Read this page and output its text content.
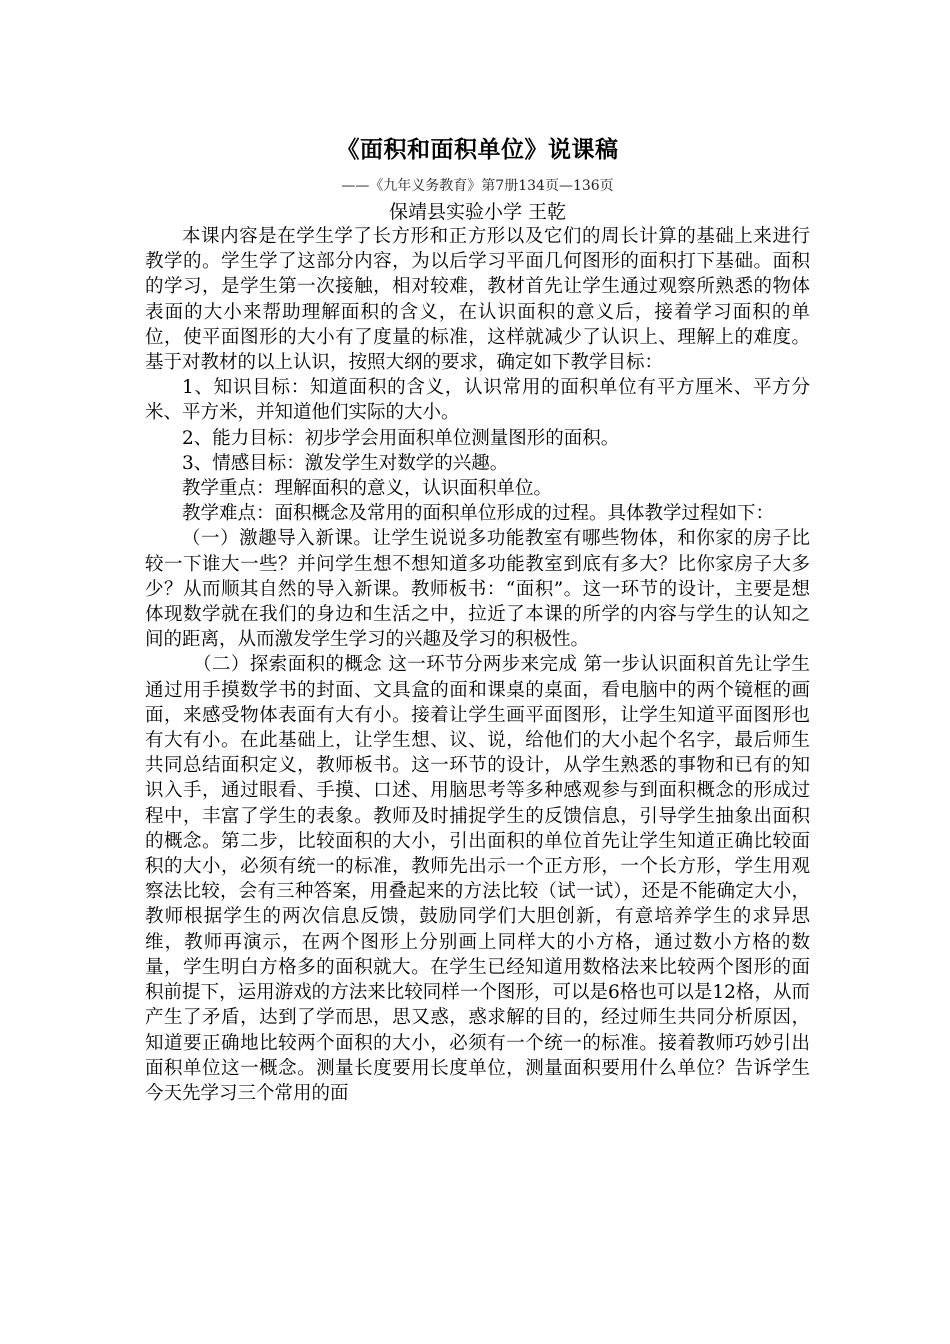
《面积和面积单位》说课稿
——《九年义务教育》第7册134页—136页
保靖县实验小学 王乾

本课内容是在学生学了长方形和正方形以及它们的周长计算的基础上来进行教学的。学生学了这部分内容，为以后学习平面几何图形的面积打下基础。面积的学习，是学生第一次接触，相对较难，教材首先让学生通过观察所熟悉的物体表面的大小来帮助理解面积的含义，在认识面积的意义后，接着学习面积的单位，使平面图形的大小有了度量的标准，这样就减少了认识上、理解上的难度。基于对教材的以上认识，按照大纲的要求，确定如下教学目标：

1、知识目标：知道面积的含义，认识常用的面积单位有平方厘米、平方分米、平方米，并知道他们实际的大小。

2、能力目标：初步学会用面积单位测量图形的面积。

3、情感目标：激发学生对数学的兴趣。

教学重点：理解面积的意义，认识面积单位。

教学难点：面积概念及常用的面积单位形成的过程。具体教学过程如下：

（一）激趣导入新课。让学生说说多功能教室有哪些物体，和你家的房子比较一下谁大一些？并问学生想不想知道多功能教室到底有多大？比你家房子大多少？从而顺其自然的导入新课。教师板书：“面积”。这一环节的设计，主要是想体现数学就在我们的身边和生活之中，拉近了本课的所学的内容与学生的认知之间的距离，从而激发学生学习的兴趣及学习的积极性。

（二）探索面积的概念 这一环节分两步来完成 第一步认识面积首先让学生通过用手摸数学书的封面、文具盒的面和课桌的桌面，看电脑中的两个镜框的画面，来感受物体表面有大有小。接着让学生画平面图形，让学生知道平面图形也有大有小。在此基础上，让学生想、议、说，给他们的大小起个名字，最后师生共同总结面积定义，教师板书。这一环节的设计，从学生熟悉的事物和已有的知识入手，通过眼看、手摸、口述、用脑思考等多种感观参与到面积概念的形成过程中，丰富了学生的表象。教师及时捕捉学生的反馈信息，引导学生抽象出面积的概念。第二步，比较面积的大小，引出面积的单位首先让学生知道正确比较面积的大小，必须有统一的标准，教师先出示一个正方形，一个长方形，学生用观察法比较，会有三种答案，用叠起来的方法比较（试一试），还是不能确定大小，教师根据学生的两次信息反馈，鼓励同学们大胆创新，有意培养学生的求异思维，教师再演示，在两个图形上分别画上同样大的小方格，通过数小方格的数量，学生明白方格多的面积就大。在学生已经知道用数格法来比较两个图形的面积前提下，运用游戏的方法来比较同样一个图形，可以是6格也可以是12格，从而产生了矛盾，达到了学而思，思又惑，惑求解的目的，经过师生共同分析原因，知道要正确地比较两个面积的大小，必须有一个统一的标准。接着教师巧妙引出面积单位这一概念。测量长度要用长度单位，测量面积要用什么单位？告诉学生今天先学习三个常用的面
